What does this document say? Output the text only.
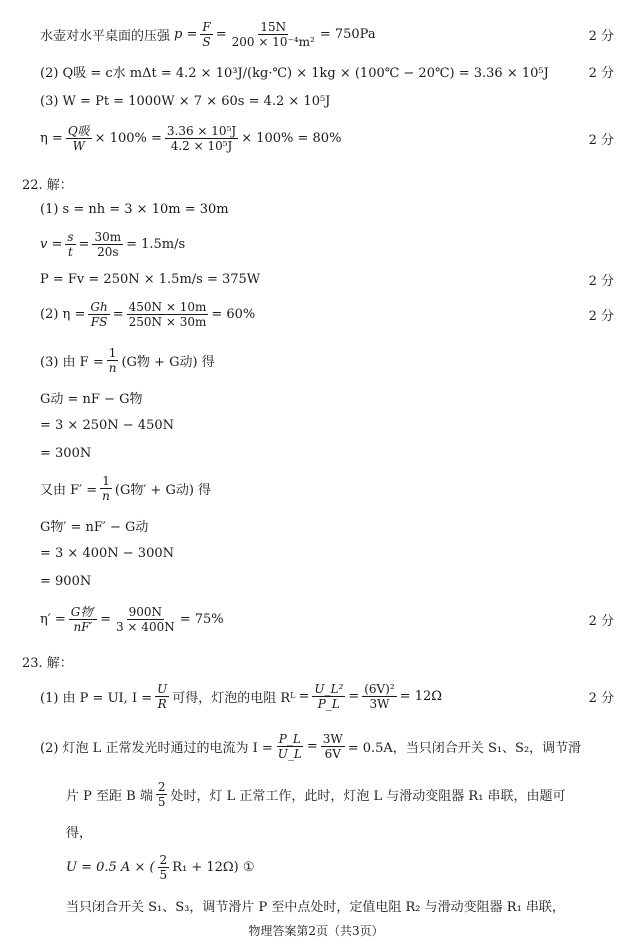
水壶对水平桌面的压强 $p = \frac{F}{S} = \frac{15N}{\text{200 × 10⁻⁴m²}} = 750Pa$	2 分
(2) Q吸 = c水 mΔt = 4.2 × 10³J/(kg·℃) × 1kg × (100℃ − 20℃) = 3.36 × 10⁵J	2 分
(3) W = Pt = 1000W × 7 × 60s = 4.2 × 10⁵J
$\eta = \frac{\text{Q吸}}{W} \times 100\% = \frac{\text{3.36 × 10⁵J}}{\text{4.2 × 10⁵J}} \times 100\% = 80\%$	2 分
22. 解：
(1) s = nh = 3 × 10m = 30m
$v = \frac{s}{t} = \frac{30m}{20s} = 1.5m/s$
P = Fv = 250N × 1.5m/s = 375W	2 分
(2) $\eta = \frac{Gh}{FS} = \frac{450N \times 10m}{250N \times 30m} = 60\%$	2 分
(3) 由 $F = \frac{1}{n} (G$物 + G动) 得
G动 = nF − G物
= 3 × 250N − 450N
= 300N
又由 $F' = \frac{1}{n} (G$物′ + G动) 得
G物′ = nF′ − G动
= 3 × 400N − 300N
= 900N
$\eta' = \frac{\text{G物′}}{nF'} = \frac{900N}{3 \times 400N} = 75\%$	2 分
23. 解：
(1) 由 P = UI, $I = \frac{U}{R}$ 可得，灯泡的电阻 R $L = \frac{\text{U\_L²}}{P\_L} = \frac{\text{(6V)²}}{3W} = 12\Omega$	2 分
(2) 灯泡 L 正常发光时通过的电流为 $I = \frac{P\_L}{U\_L} = \frac{3W}{6V} = 0.5A$，当只闭合开关 S₁、S₂，调节滑
片 P 至距 B 端 $\frac{2}{5}$ 处时，灯 L 正常工作，此时，灯泡 L 与滑动变阻器 R₁ 串联，由题可
得，
U = 0.5 A × ( $\frac{2}{5} R_1 + 12\Omega$) ①
当只闭合开关 S₁、S₃，调节滑片 P 至中点处时，定值电阻 R₂ 与滑动变阻器 R₁ 串联，
物理答案第2页（共3页）
